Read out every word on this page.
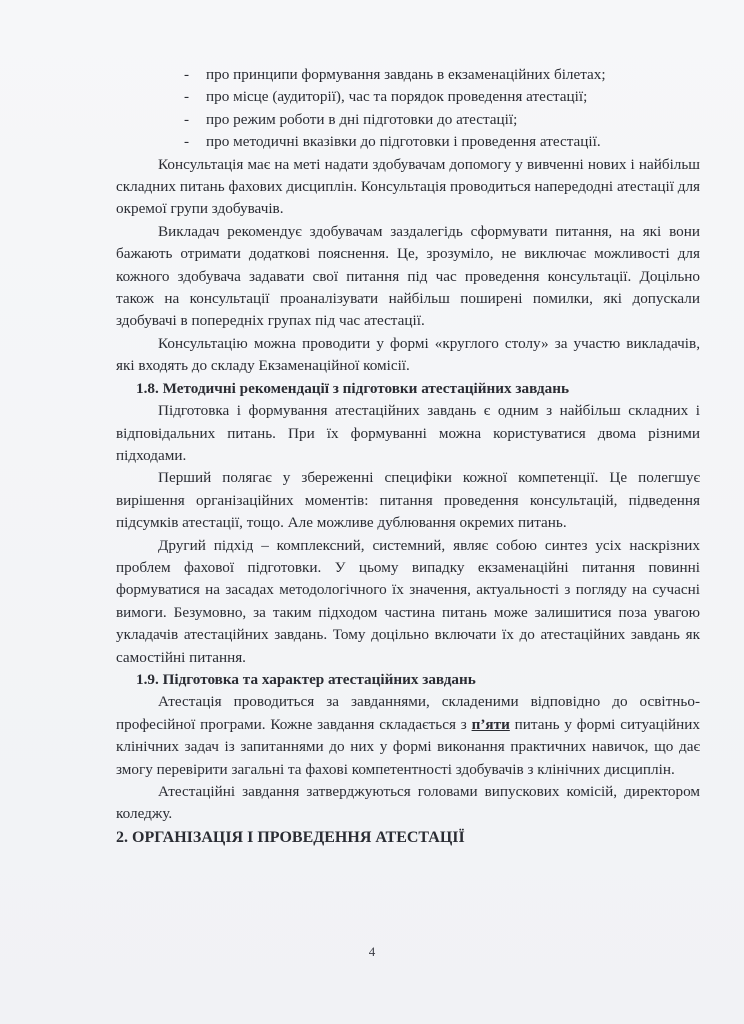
- про принципи формування завдань в екзаменаційних білетах;
- про місце (аудиторії), час та порядок проведення атестації;
- про режим роботи в дні підготовки до атестації;
- про методичні вказівки до підготовки і проведення атестації.

Консультація має на меті надати здобувачам допомогу у вивченні нових і найбільш складних питань фахових дисциплін. Консультація проводиться напередодні атестації для окремої групи здобувачів.

Викладач рекомендує здобувачам заздалегідь сформувати питання, на які вони бажають отримати додаткові пояснення. Це, зрозуміло, не виключає можливості для кожного здобувача задавати свої питання під час проведення консультації. Доцільно також на консультації проаналізувати найбільш поширені помилки, які допускали здобувачі в попередніх групах під час атестації.

Консультацію можна проводити у формі «круглого столу» за участю викладачів, які входять до складу Екзаменаційної комісії.

1.8. Методичні рекомендації з підготовки атестаційних завдань

Підготовка і формування атестаційних завдань є одним з найбільш складних і відповідальних питань. При їх формуванні можна користуватися двома різними підходами.

Перший полягає у збереженні специфіки кожної компетенції. Це полегшує вирішення організаційних моментів: питання проведення консультацій, підведення підсумків атестації, тощо. Але можливе дублювання окремих питань.

Другий підхід – комплексний, системний, являє собою синтез усіх наскрізних проблем фахової підготовки. У цьому випадку екзаменаційні питання повинні формуватися на засадах методологічного їх значення, актуальності з погляду на сучасні вимоги. Безумовно, за таким підходом частина питань може залишитися поза увагою укладачів атестаційних завдань. Тому доцільно включати їх до атестаційних завдань як самостійні питання.

1.9. Підготовка та характер атестаційних завдань

Атестація проводиться за завданнями, складеними відповідно до освітньо-професійної програми. Кожне завдання складається з п’яти питань у формі ситуаційних клінічних задач із запитаннями до них у формі виконання практичних навичок, що дає змогу перевірити загальні та фахові компетентності здобувачів з клінічних дисциплін.

Атестаційні завдання затверджуються головами випускових комісій, директором коледжу.

2. ОРГАНІЗАЦІЯ І ПРОВЕДЕННЯ АТЕСТАЦІЇ
4
